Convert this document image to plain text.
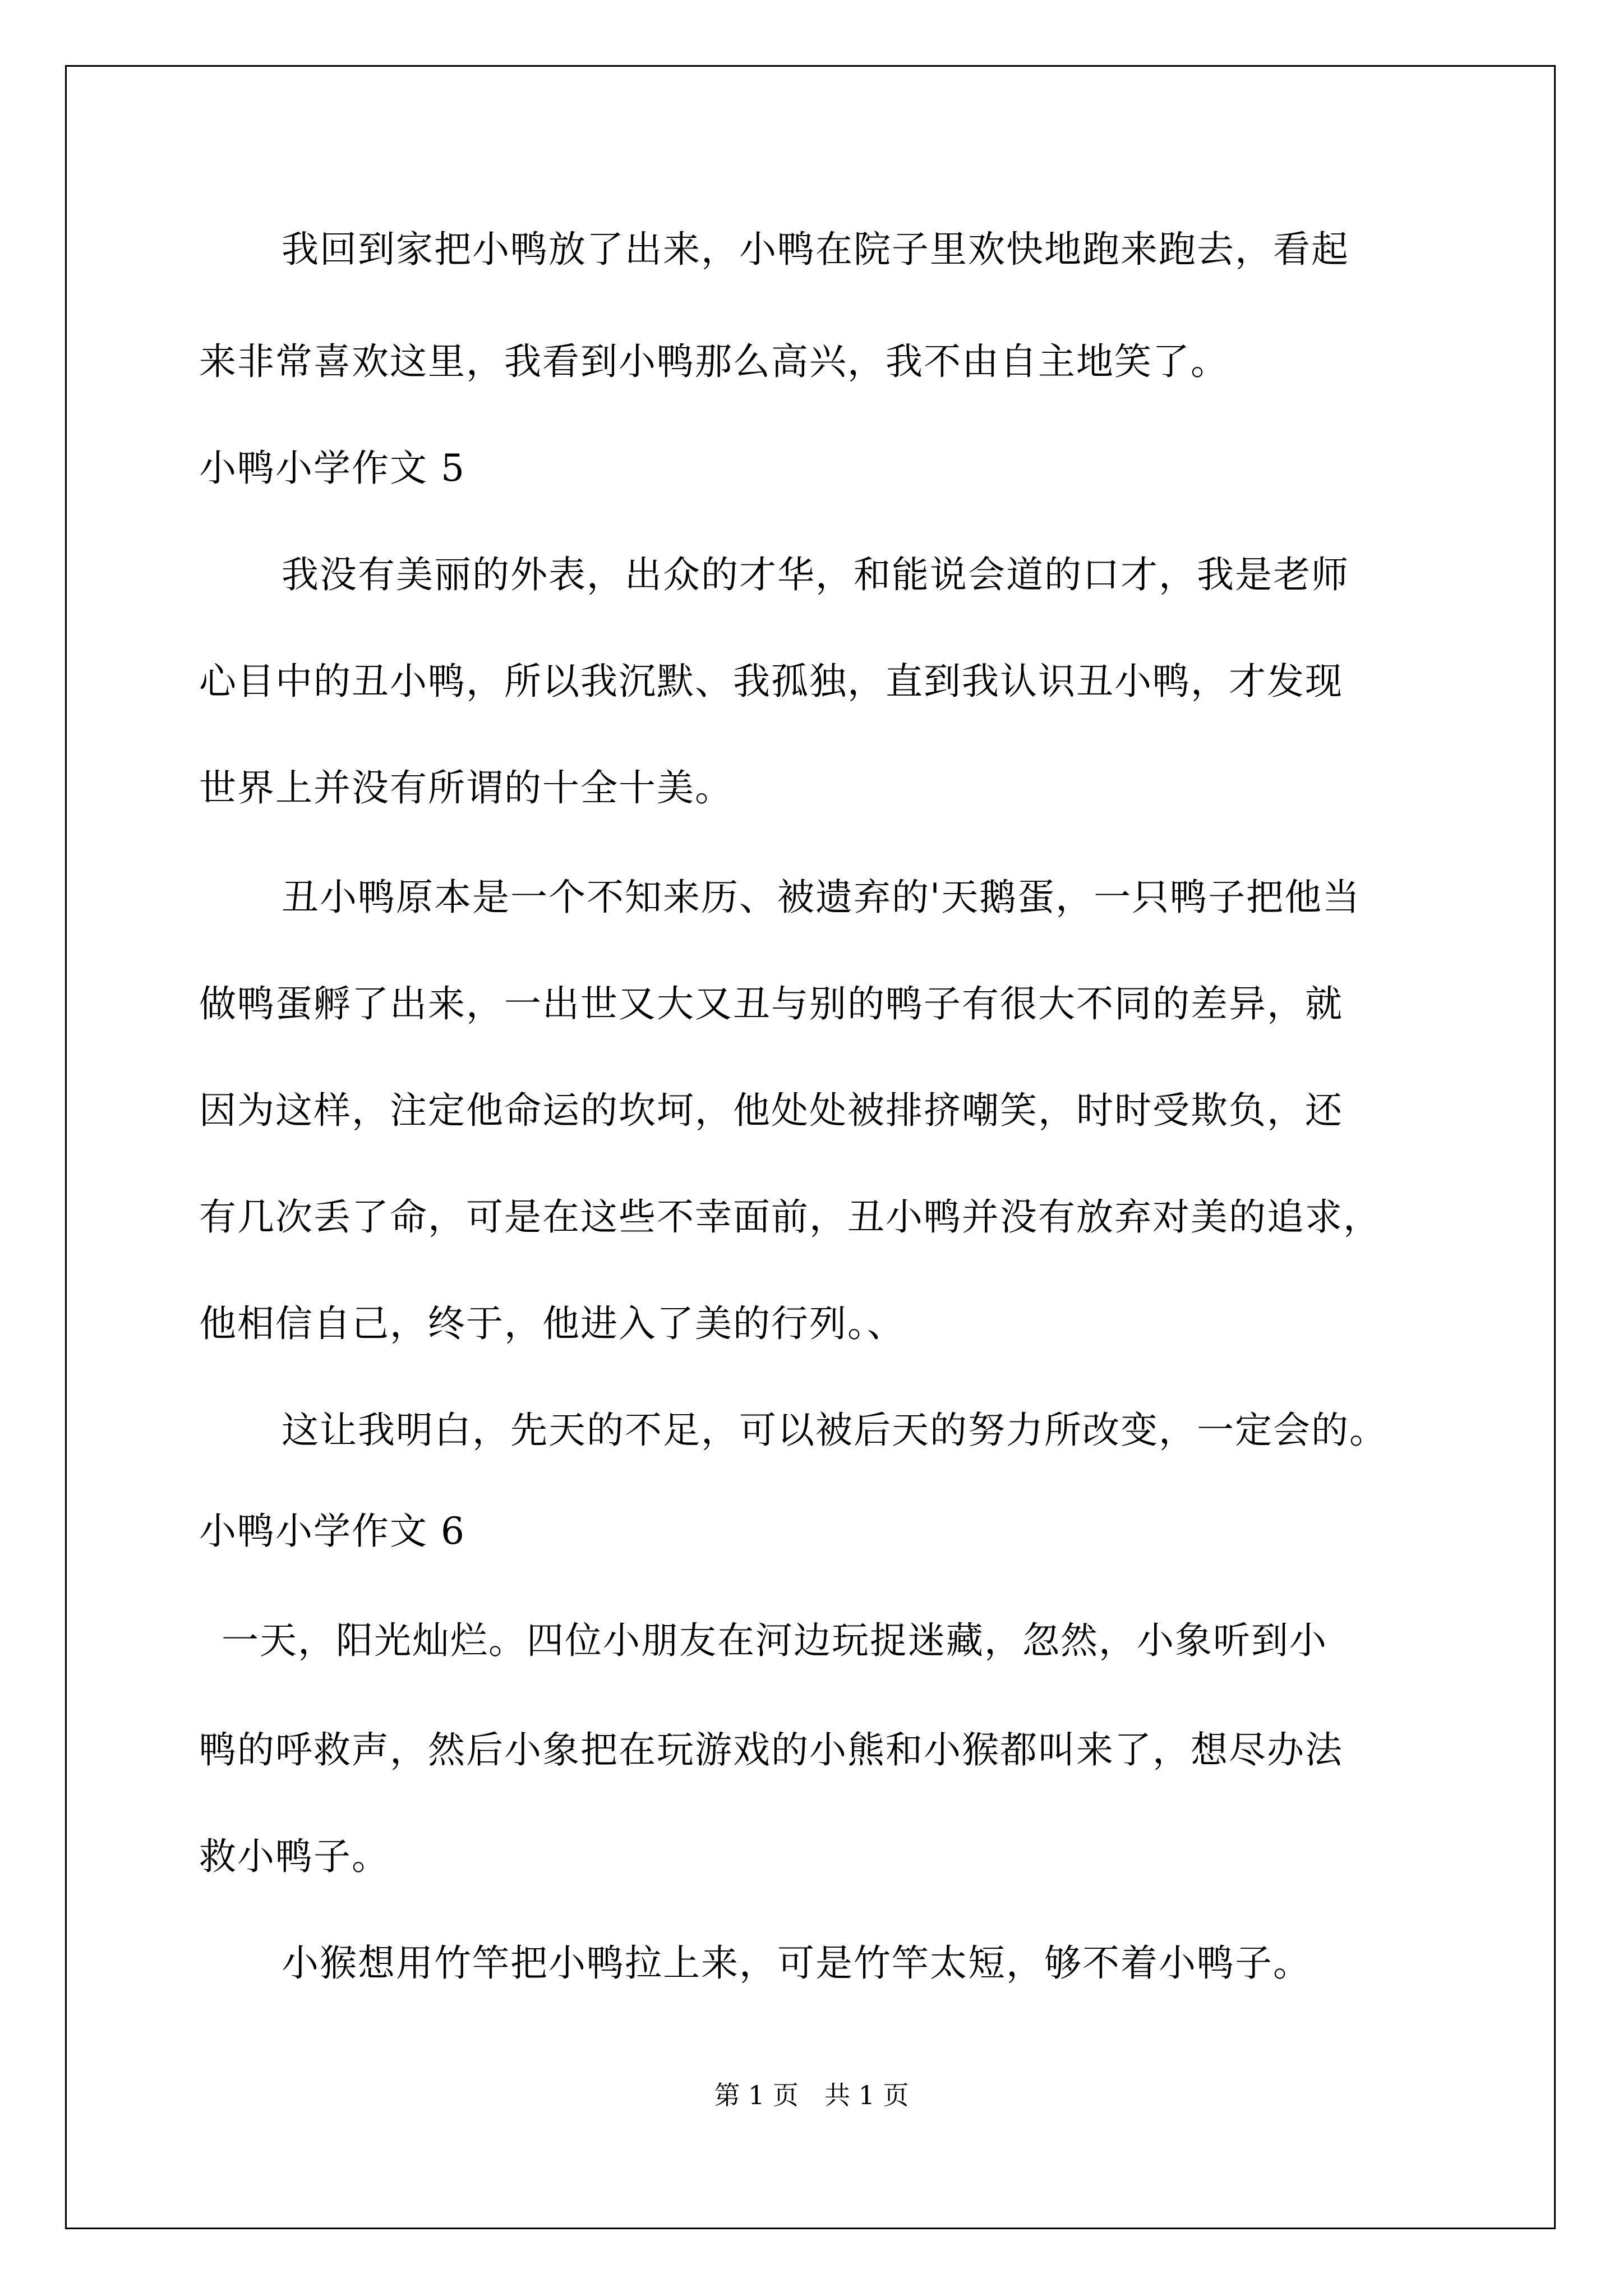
我回到家把小鸭放了出来，小鸭在院子里欢快地跑来跑去，看起
来非常喜欢这里，我看到小鸭那么高兴，我不由自主地笑了。
小鸭小学作文 5
我没有美丽的外表，出众的才华，和能说会道的口才，我是老师
心目中的丑小鸭，所以我沉默、我孤独，直到我认识丑小鸭，才发现
世界上并没有所谓的十全十美。
丑小鸭原本是一个不知来历、被遗弃的'天鹅蛋，一只鸭子把他当
做鸭蛋孵了出来，一出世又大又丑与别的鸭子有很大不同的差异，就
因为这样，注定他命运的坎坷，他处处被排挤嘲笑，时时受欺负，还
有几次丢了命，可是在这些不幸面前，丑小鸭并没有放弃对美的追求，
他相信自己，终于，他进入了美的行列。、
这让我明白，先天的不足，可以被后天的努力所改变，一定会的。
小鸭小学作文 6
一天，阳光灿烂。四位小朋友在河边玩捉迷藏，忽然，小象听到小
鸭的呼救声，然后小象把在玩游戏的小熊和小猴都叫来了，想尽办法
救小鸭子。
小猴想用竹竿把小鸭拉上来，可是竹竿太短，够不着小鸭子。
第 1 页　共 1 页
